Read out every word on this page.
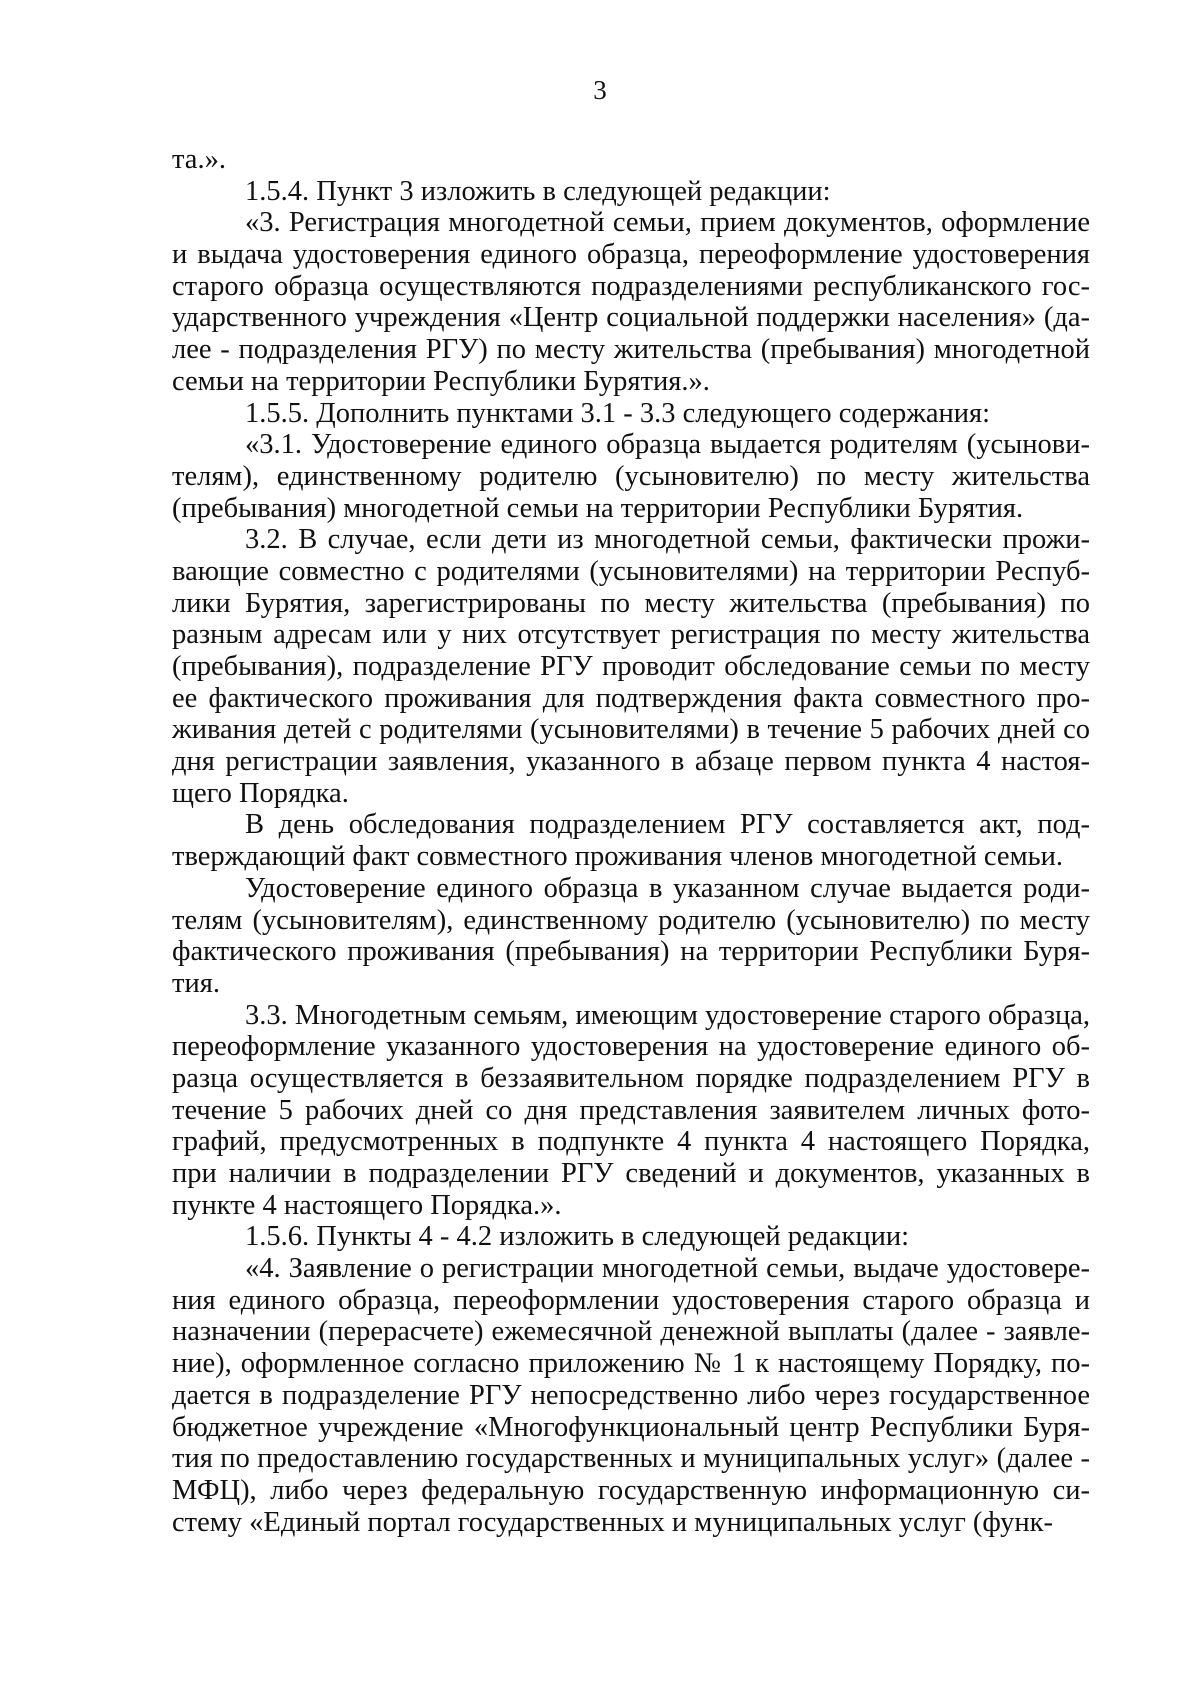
3
та.».
1.5.4. Пункт 3 изложить в следующей редакции:
«3. Регистрация многодетной семьи, прием документов, оформление
и выдача удостоверения единого образца, переоформление удостоверения
старого образца осуществляются подразделениями республиканского гос-
ударственного учреждения «Центр социальной поддержки населения» (да-
лее - подразделения РГУ) по месту жительства (пребывания) многодетной
семьи на территории Республики Бурятия.».
1.5.5. Дополнить пунктами 3.1 - 3.3 следующего содержания:
«3.1. Удостоверение единого образца выдается родителям (усынови-
телям), единственному родителю (усыновителю) по месту жительства
(пребывания) многодетной семьи на территории Республики Бурятия.
3.2. В случае, если дети из многодетной семьи, фактически прожи-
вающие совместно с родителями (усыновителями) на территории Респуб-
лики Бурятия, зарегистрированы по месту жительства (пребывания) по
разным адресам или у них отсутствует регистрация по месту жительства
(пребывания), подразделение РГУ проводит обследование семьи по месту
ее фактического проживания для подтверждения факта совместного про-
живания детей с родителями (усыновителями) в течение 5 рабочих дней со
дня регистрации заявления, указанного в абзаце первом пункта 4 настоя-
щего Порядка.
В день обследования подразделением РГУ составляется акт, под-
тверждающий факт совместного проживания членов многодетной семьи.
Удостоверение единого образца в указанном случае выдается роди-
телям (усыновителям), единственному родителю (усыновителю) по месту
фактического проживания (пребывания) на территории Республики Буря-
тия.
3.3. Многодетным семьям, имеющим удостоверение старого образца,
переоформление указанного удостоверения на удостоверение единого об-
разца осуществляется в беззаявительном порядке подразделением РГУ в
течение 5 рабочих дней со дня представления заявителем личных фото-
графий, предусмотренных в подпункте 4 пункта 4 настоящего Порядка,
при наличии в подразделении РГУ сведений и документов, указанных в
пункте 4 настоящего Порядка.».
1.5.6. Пункты 4 - 4.2 изложить в следующей редакции:
«4. Заявление о регистрации многодетной семьи, выдаче удостовере-
ния единого образца, переоформлении удостоверения старого образца и
назначении (перерасчете) ежемесячной денежной выплаты (далее - заявле-
ние), оформленное согласно приложению № 1 к настоящему Порядку, по-
дается в подразделение РГУ непосредственно либо через государственное
бюджетное учреждение «Многофункциональный центр Республики Буря-
тия по предоставлению государственных и муниципальных услуг» (далее -
МФЦ), либо через федеральную государственную информационную си-
стему «Единый портал государственных и муниципальных услуг (функ-
